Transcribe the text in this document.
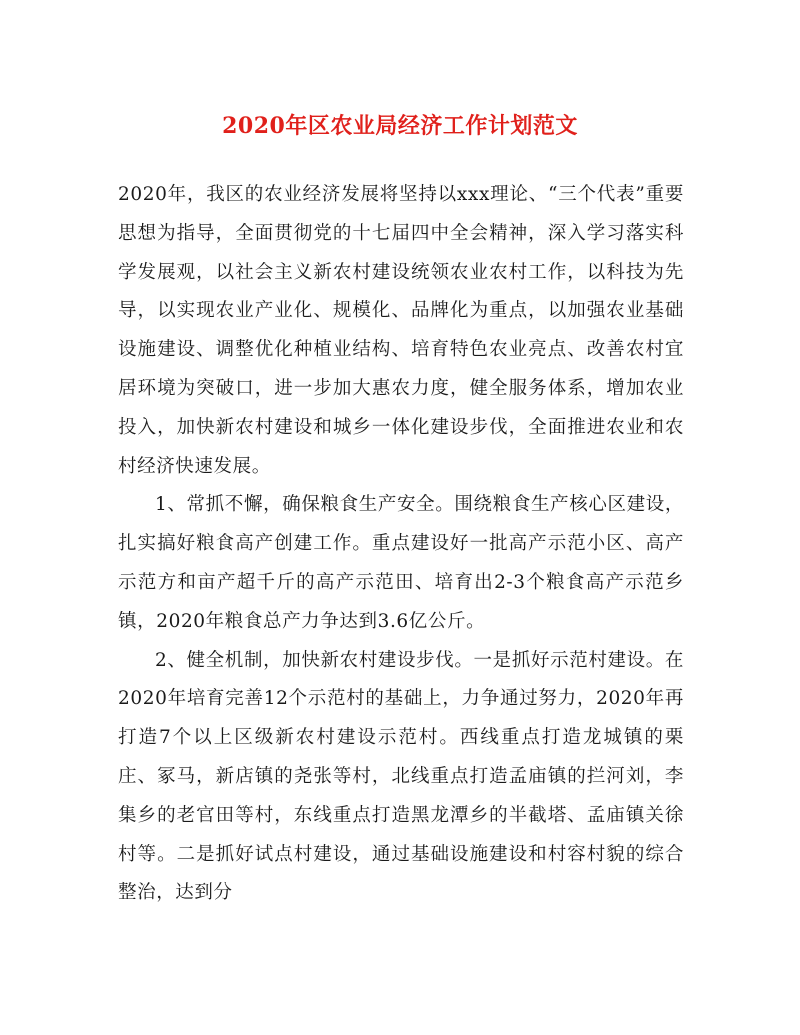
2020年区农业局经济工作计划范文

2020年，我区的农业经济发展将坚持以xxx理论、“三个代表”重要思想为指导，全面贯彻党的十七届四中全会精神，深入学习落实科学发展观，以社会主义新农村建设统领农业农村工作，以科技为先导，以实现农业产业化、规模化、品牌化为重点，以加强农业基础设施建设、调整优化种植业结构、培育特色农业亮点、改善农村宜居环境为突破口，进一步加大惠农力度，健全服务体系，增加农业投入，加快新农村建设和城乡一体化建设步伐，全面推进农业和农村经济快速发展。

1、常抓不懈，确保粮食生产安全。围绕粮食生产核心区建设，扎实搞好粮食高产创建工作。重点建设好一批高产示范小区、高产示范方和亩产超千斤的高产示范田、培育出2-3个粮食高产示范乡镇，2020年粮食总产力争达到3.6亿公斤。

2、健全机制，加快新农村建设步伐。一是抓好示范村建设。在2020年培育完善12个示范村的基础上，力争通过努力，2020年再打造7个以上区级新农村建设示范村。西线重点打造龙城镇的栗庄、冢马，新店镇的尧张等村，北线重点打造孟庙镇的拦河刘，李集乡的老官田等村，东线重点打造黑龙潭乡的半截塔、孟庙镇关徐村等。二是抓好试点村建设，通过基础设施建设和村容村貌的综合整治，达到分
